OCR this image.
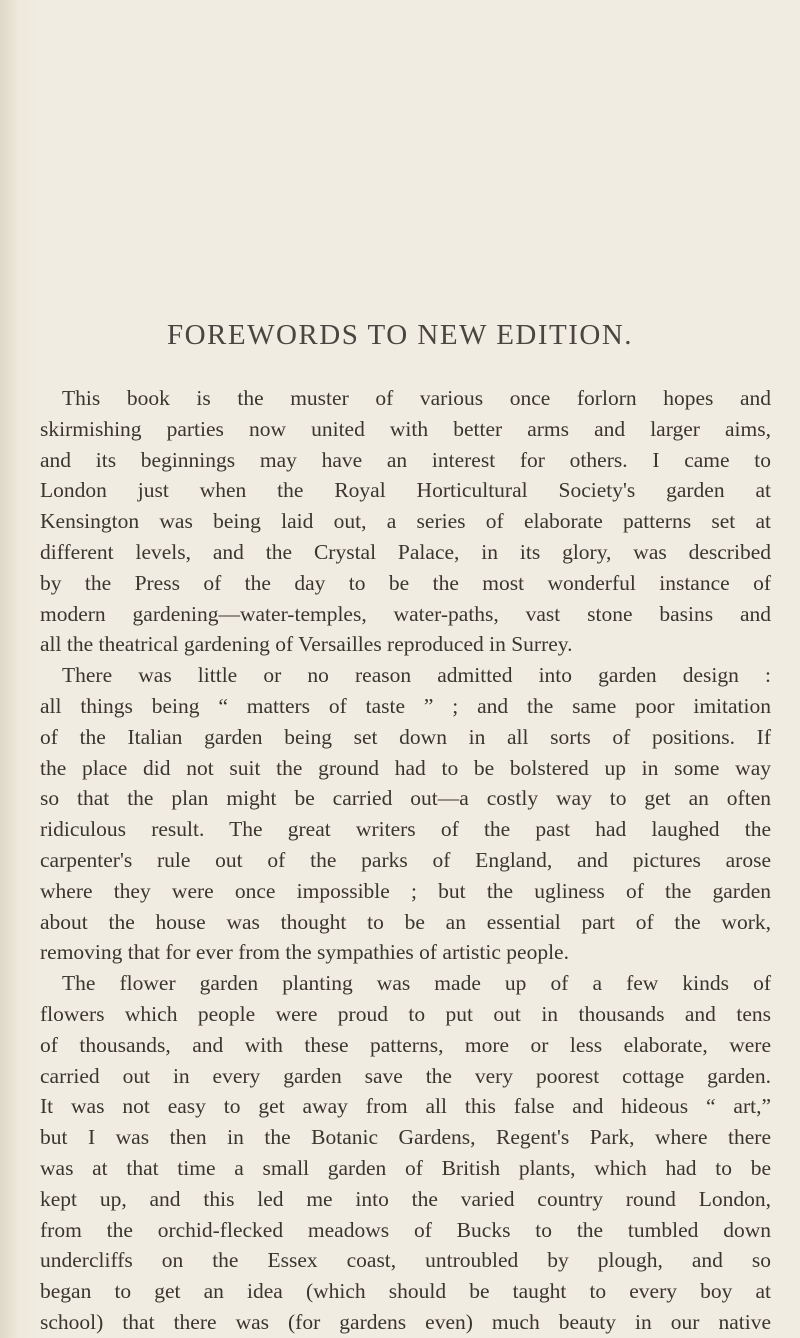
FOREWORDS TO NEW EDITION.
This book is the muster of various once forlorn hopes and
skirmishing parties now united with better arms and larger aims,
and its beginnings may have an interest for others. I came to
London just when the Royal Horticultural Society's garden at
Kensington was being laid out, a series of elaborate patterns set at
different levels, and the Crystal Palace, in its glory, was described
by the Press of the day to be the most wonderful instance of
modern gardening—water-temples, water-paths, vast stone basins and
all the theatrical gardening of Versailles reproduced in Surrey.
There was little or no reason admitted into garden design :
all things being “ matters of taste ” ; and the same poor imitation
of the Italian garden being set down in all sorts of positions. If
the place did not suit the ground had to be bolstered up in some way
so that the plan might be carried out—a costly way to get an often
ridiculous result. The great writers of the past had laughed the
carpenter's rule out of the parks of England, and pictures arose
where they were once impossible ; but the ugliness of the garden
about the house was thought to be an essential part of the work,
removing that for ever from the sympathies of artistic people.
The flower garden planting was made up of a few kinds of
flowers which people were proud to put out in thousands and tens
of thousands, and with these patterns, more or less elaborate, were
carried out in every garden save the very poorest cottage garden.
It was not easy to get away from all this false and hideous “ art,”
but I was then in the Botanic Gardens, Regent's Park, where there
was at that time a small garden of British plants, which had to be
kept up, and this led me into the varied country round London,
from the orchid-flecked meadows of Bucks to the tumbled down
undercliffs on the Essex coast, untroubled by plough, and so
began to get an idea (which should be taught to every boy at
school) that there was (for gardens even) much beauty in our native
